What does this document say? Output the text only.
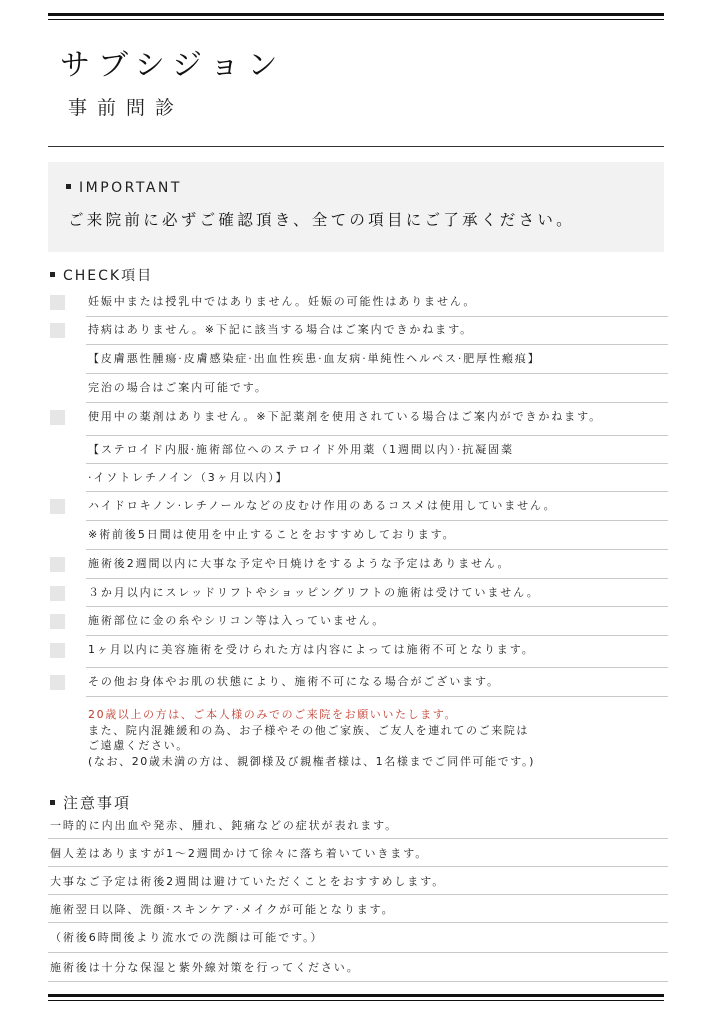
サブシジョン
事前問診
IMPORTANT
ご来院前に必ずご確認頂き、全ての項目にご了承ください。
CHECK項目
妊娠中または授乳中ではありません。妊娠の可能性はありません。
持病はありません。※下記に該当する場合はご案内できかねます。
【皮膚悪性腫瘍·皮膚感染症·出血性疾患·血友病·単純性ヘルペス·肥厚性瘢痕】
完治の場合はご案内可能です。
使用中の薬剤はありません。※下記薬剤を使用されている場合はご案内ができかねます。
【ステロイド内服·施術部位へのステロイド外用薬（1週間以内）·抗凝固薬
·イソトレチノイン（3ヶ月以内）】
ハイドロキノン·レチノールなどの皮むけ作用のあるコスメは使用していません。
※術前後5日間は使用を中止することをおすすめしております。
施術後2週間以内に大事な予定や日焼けをするような予定はありません。
３か月以内にスレッドリフトやショッピングリフトの施術は受けていません。
施術部位に金の糸やシリコン等は入っていません。
1ヶ月以内に美容施術を受けられた方は内容によっては施術不可となります。
その他お身体やお肌の状態により、施術不可になる場合がございます。
20歳以上の方は、ご本人様のみでのご来院をお願いいたします。
また、院内混雑緩和の為、お子様やその他ご家族、ご友人を連れてのご来院は
ご遠慮ください。
(なお、20歳未満の方は、親御様及び親権者様は、1名様までご同伴可能です。)
注意事項
一時的に内出血や発赤、腫れ、鈍痛などの症状が表れます。
個人差はありますが1〜2週間かけて徐々に落ち着いていきます。
大事なご予定は術後2週間は避けていただくことをおすすめします。
施術翌日以降、洗顔·スキンケア·メイクが可能となります。
（術後6時間後より流水での洗顔は可能です。）
施術後は十分な保湿と紫外線対策を行ってください。
